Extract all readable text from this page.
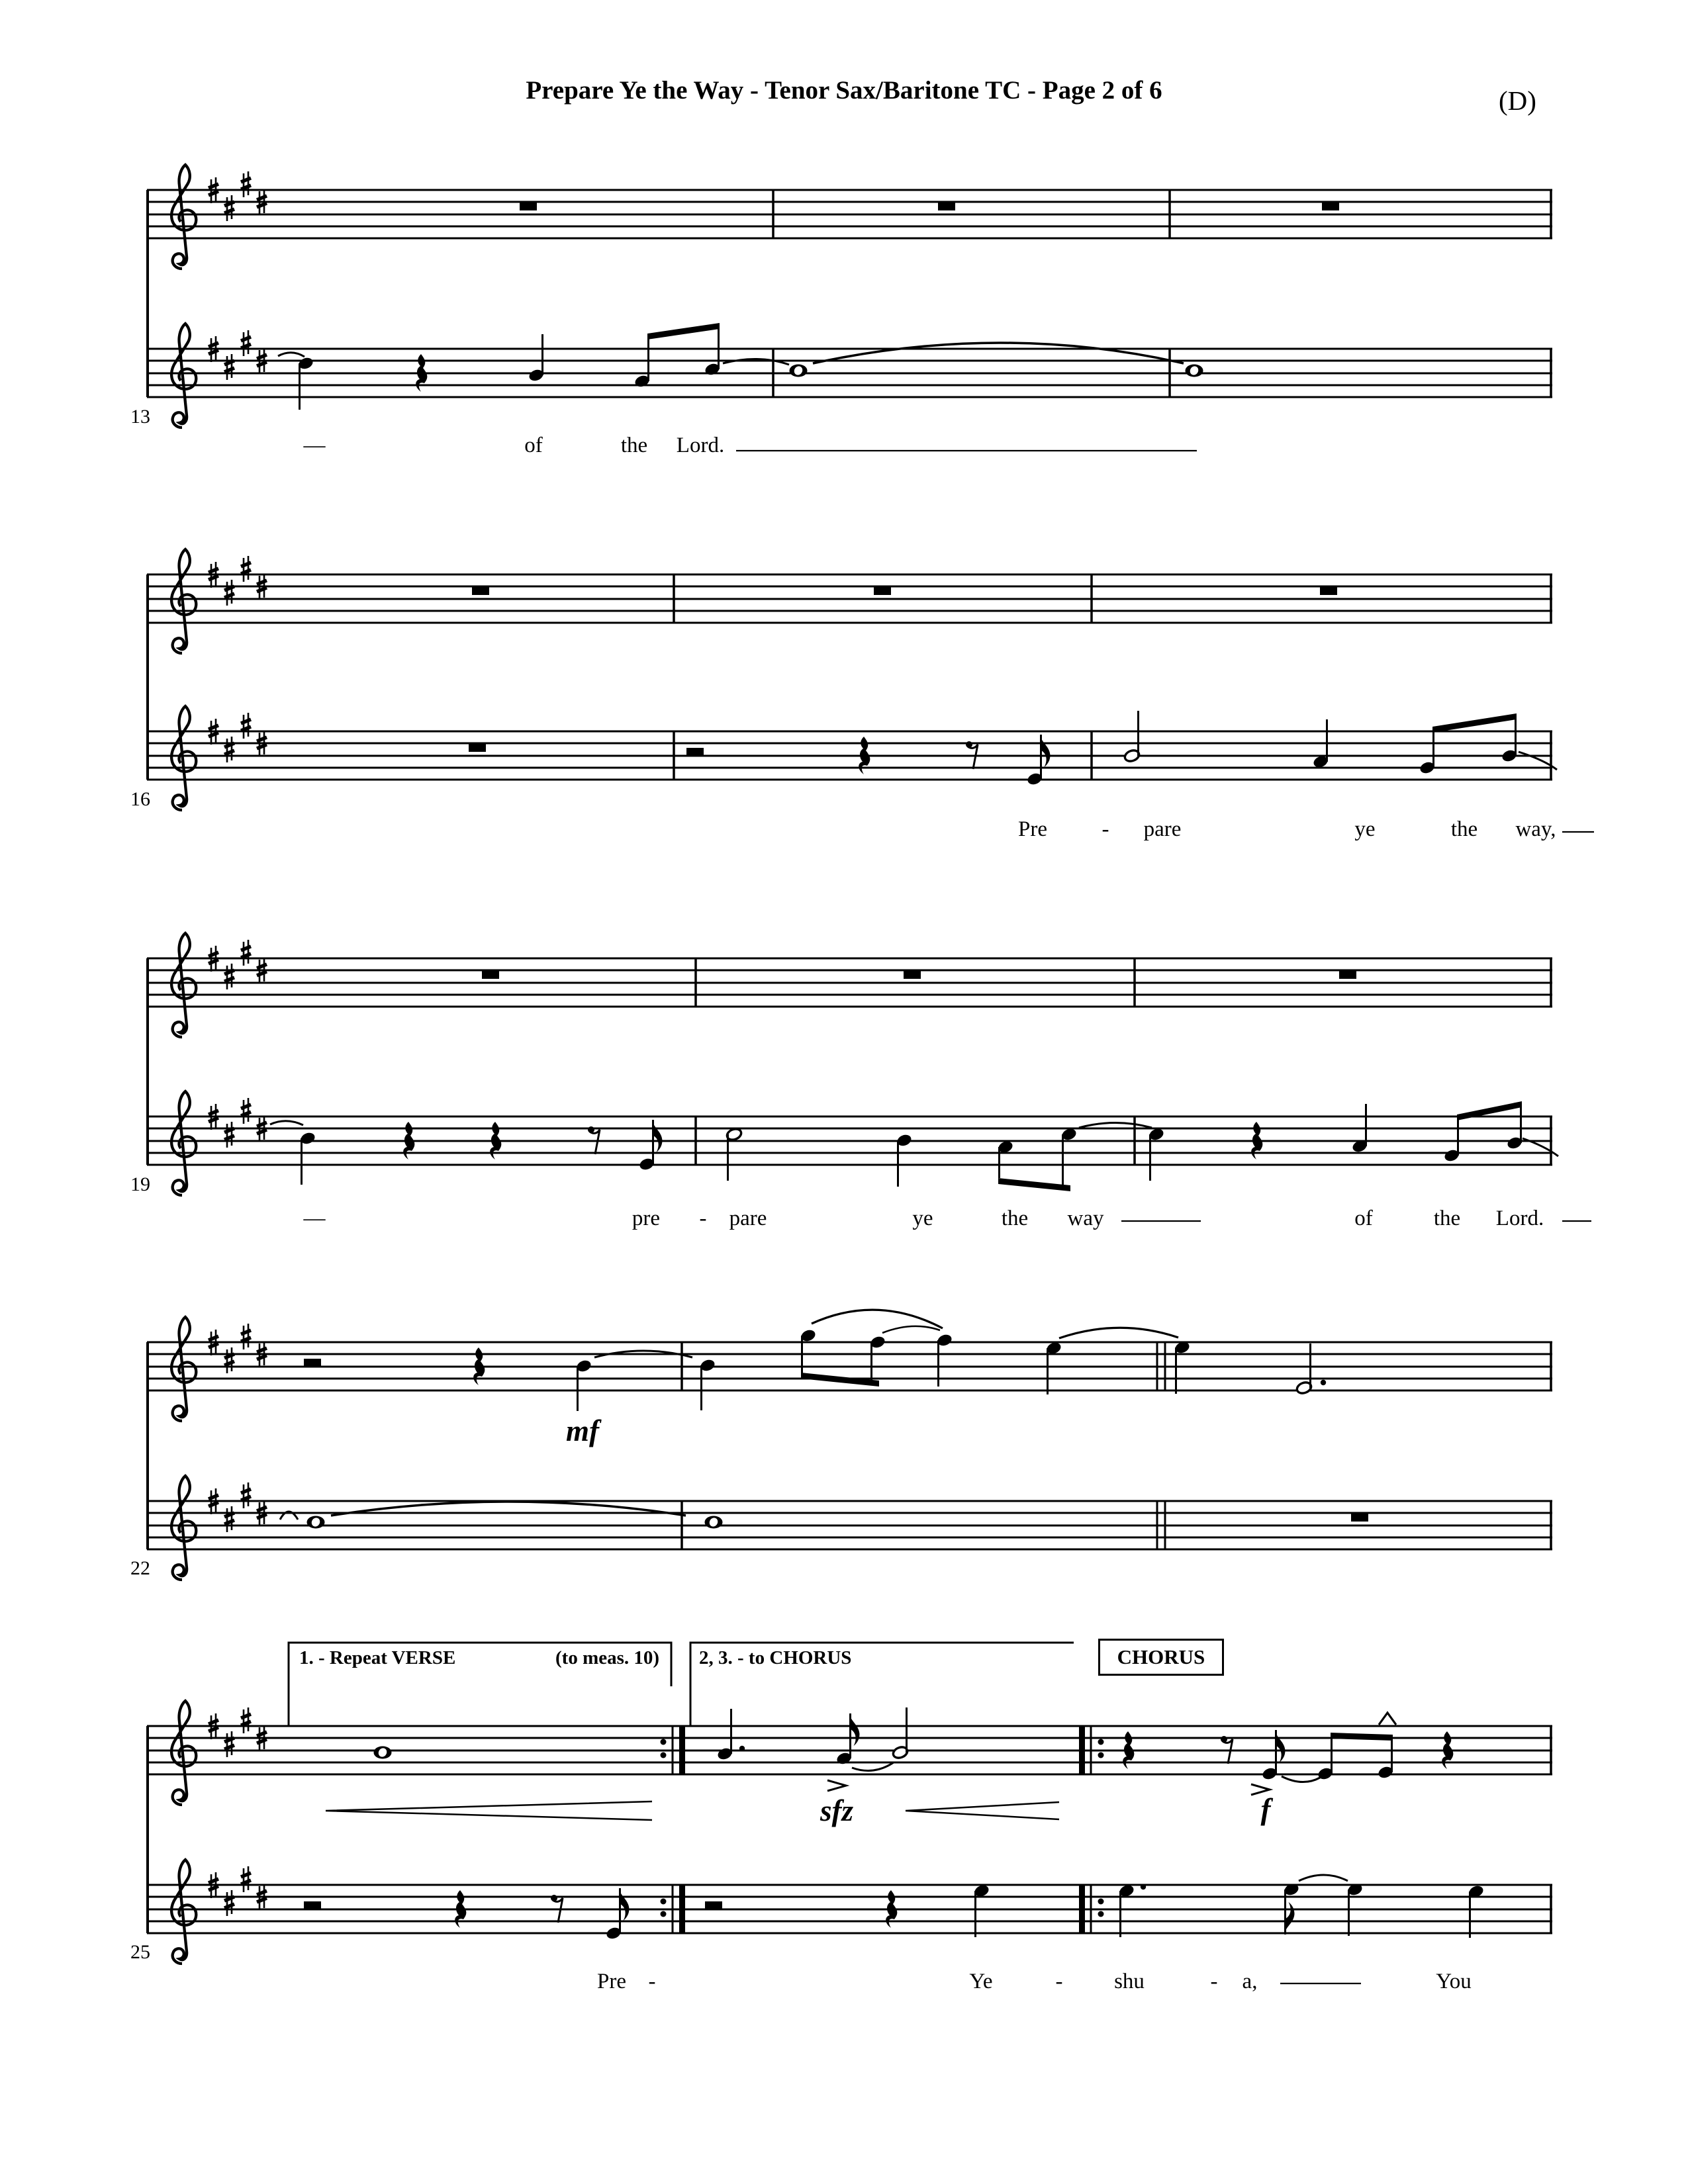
Prepare Ye the Way - Tenor Sax/Baritone TC - Page 2 of 6	(D)
13
16
19
22
25
—	of	the Lord.
Pre	- pare	ye	the way,
—	pre - pare	ye	the way	of	the Lord.
mf
sfz	f
1. - Repeat VERSE	(to meas. 10) 2, 3. - to CHORUS	CHORUS
Pre -	Ye	- shu	- a,	You
